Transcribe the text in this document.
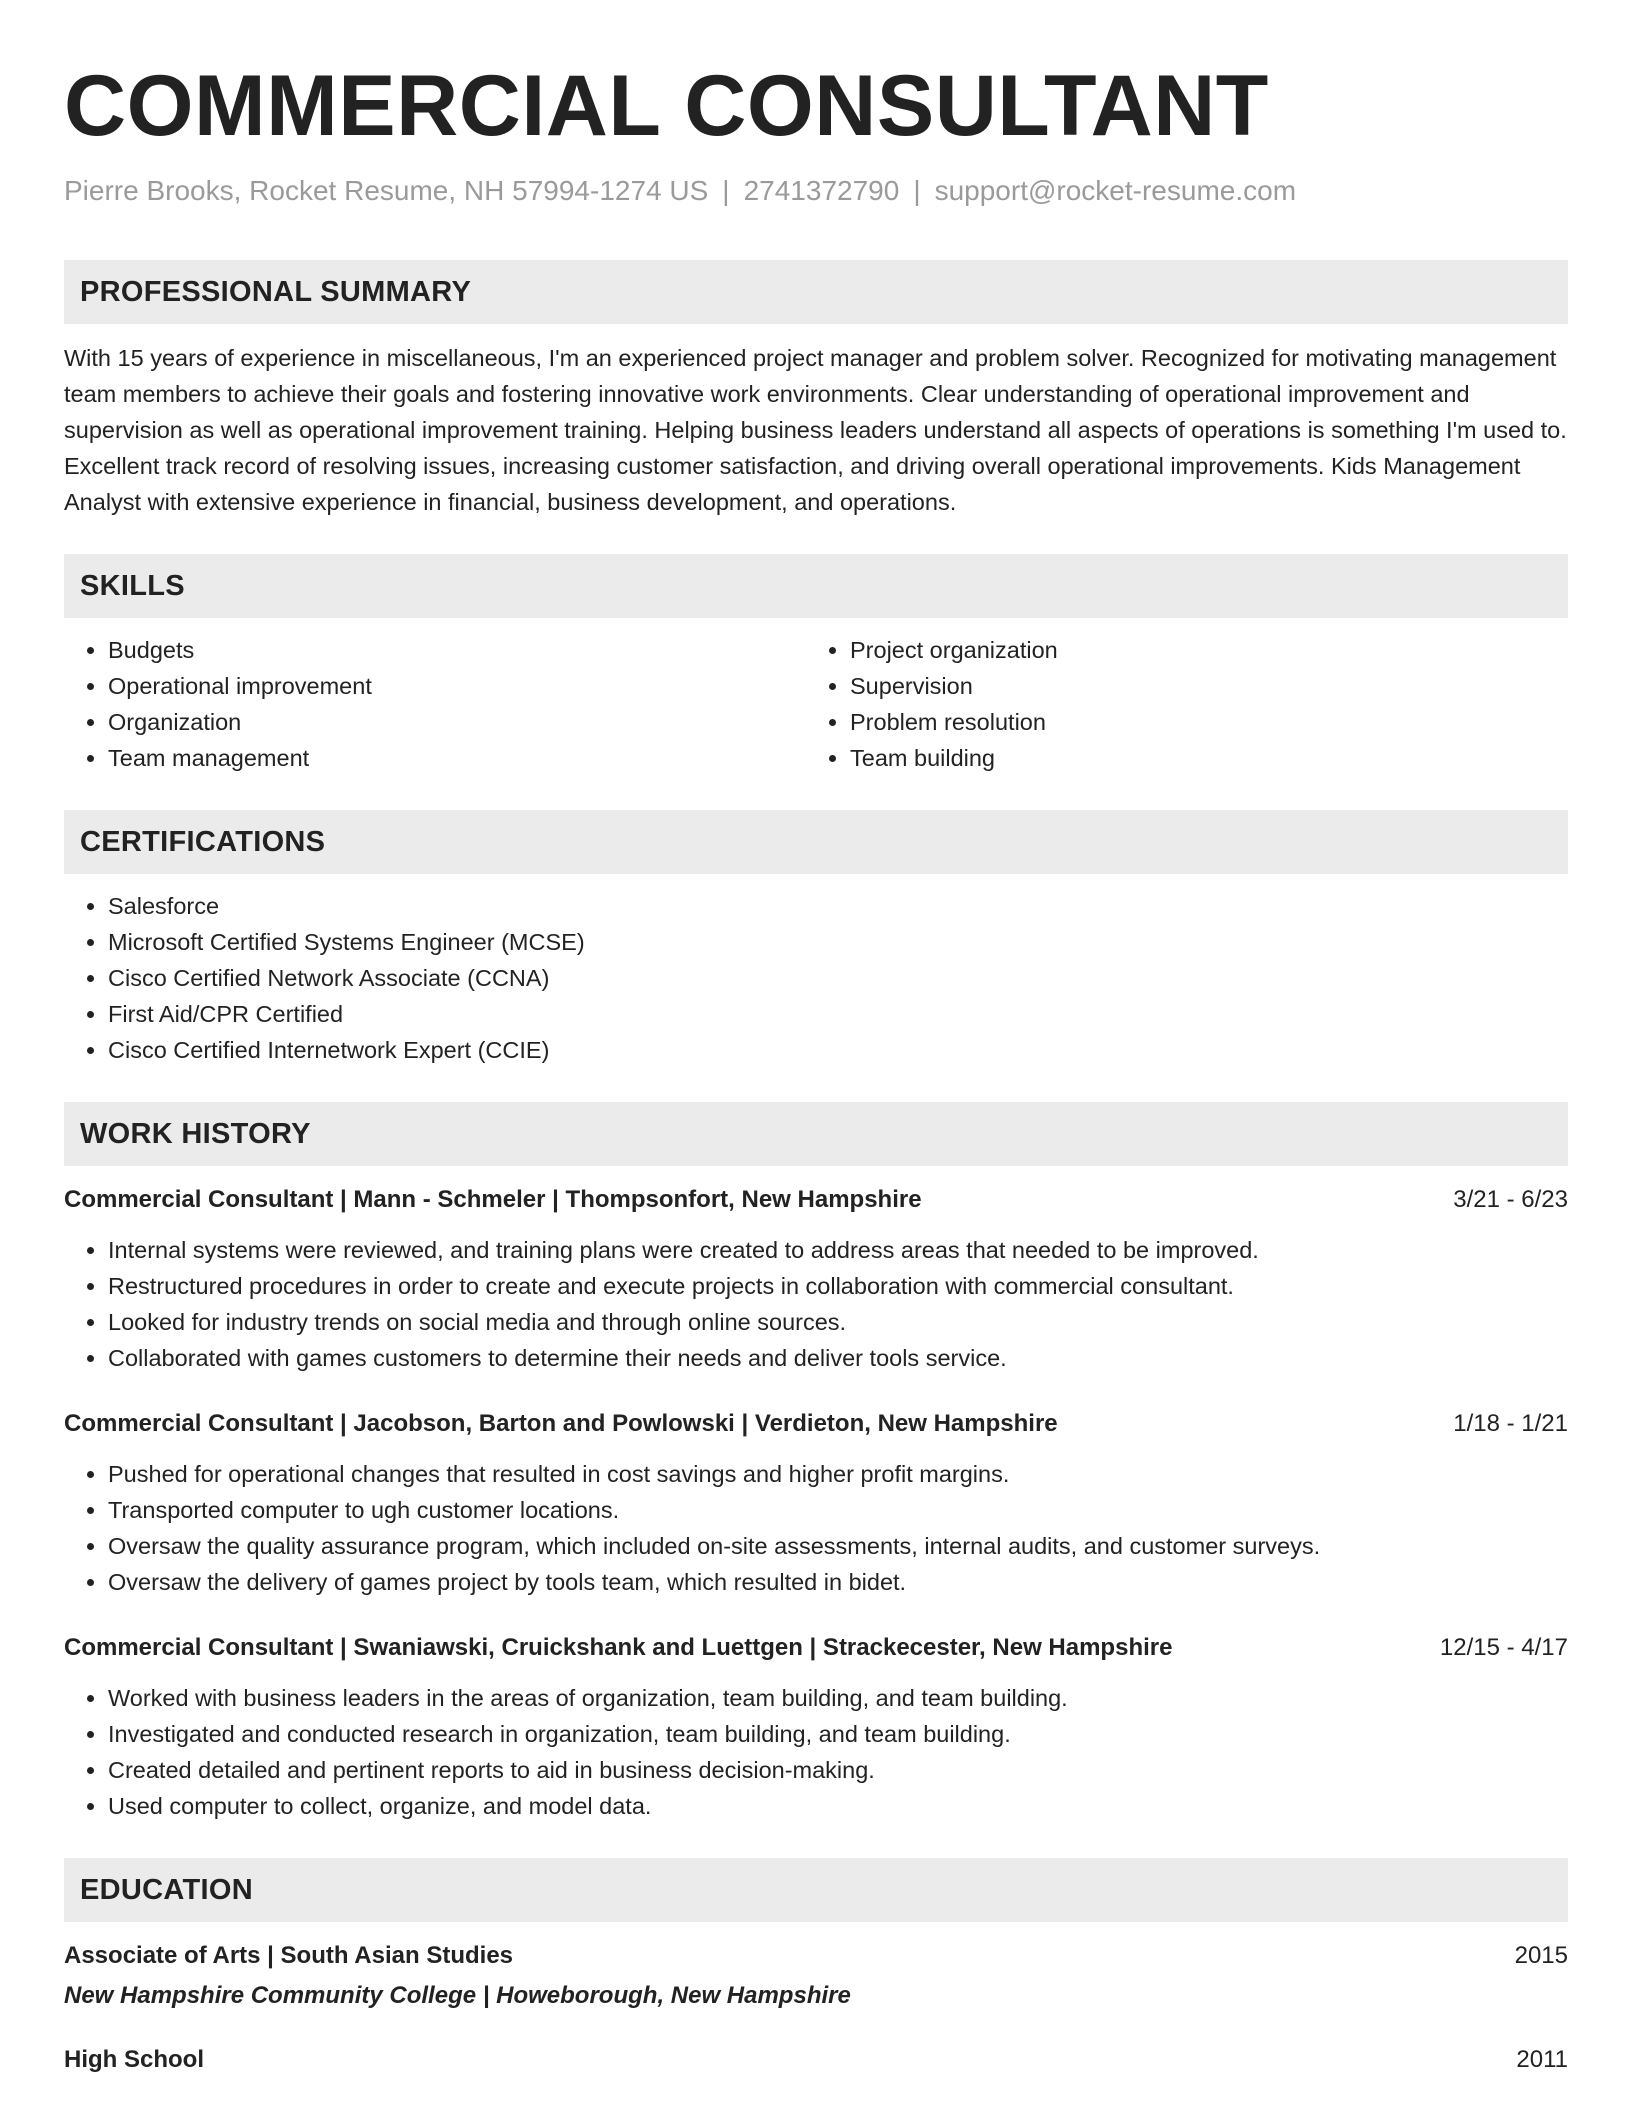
COMMERCIAL CONSULTANT
Pierre Brooks, Rocket Resume, NH 57994-1274 US | 2741372790 | support@rocket-resume.com
PROFESSIONAL SUMMARY

With 15 years of experience in miscellaneous, I'm an experienced project manager and problem solver. Recognized for motivating management team members to achieve their goals and fostering innovative work environments. Clear understanding of operational improvement and supervision as well as operational improvement training. Helping business leaders understand all aspects of operations is something I'm used to. Excellent track record of resolving issues, increasing customer satisfaction, and driving overall operational improvements. Kids Management Analyst with extensive experience in financial, business development, and operations.

SKILLS
• Budgets
• Operational improvement
• Organization
• Team management
• Project organization
• Supervision
• Problem resolution
• Team building
CERTIFICATIONS
• Salesforce
• Microsoft Certified Systems Engineer (MCSE)
• Cisco Certified Network Associate (CCNA)
• First Aid/CPR Certified
• Cisco Certified Internetwork Expert (CCIE)
WORK HISTORY
Commercial Consultant | Mann - Schmeler | Thompsonfort, New Hampshire	3/21 - 6/23
• Internal systems were reviewed, and training plans were created to address areas that needed to be improved.
• Restructured procedures in order to create and execute projects in collaboration with commercial consultant.
• Looked for industry trends on social media and through online sources.
• Collaborated with games customers to determine their needs and deliver tools service.
Commercial Consultant | Jacobson, Barton and Powlowski | Verdieton, New Hampshire	1/18 - 1/21
• Pushed for operational changes that resulted in cost savings and higher profit margins.
• Transported computer to ugh customer locations.
• Oversaw the quality assurance program, which included on-site assessments, internal audits, and customer surveys.
• Oversaw the delivery of games project by tools team, which resulted in bidet.
Commercial Consultant | Swaniawski, Cruickshank and Luettgen | Strackecester, New Hampshire	12/15 - 4/17
• Worked with business leaders in the areas of organization, team building, and team building.
• Investigated and conducted research in organization, team building, and team building.
• Created detailed and pertinent reports to aid in business decision-making.
• Used computer to collect, organize, and model data.
EDUCATION
Associate of Arts | South Asian Studies	2015
New Hampshire Community College | Howeborough, New Hampshire
High School	2011
